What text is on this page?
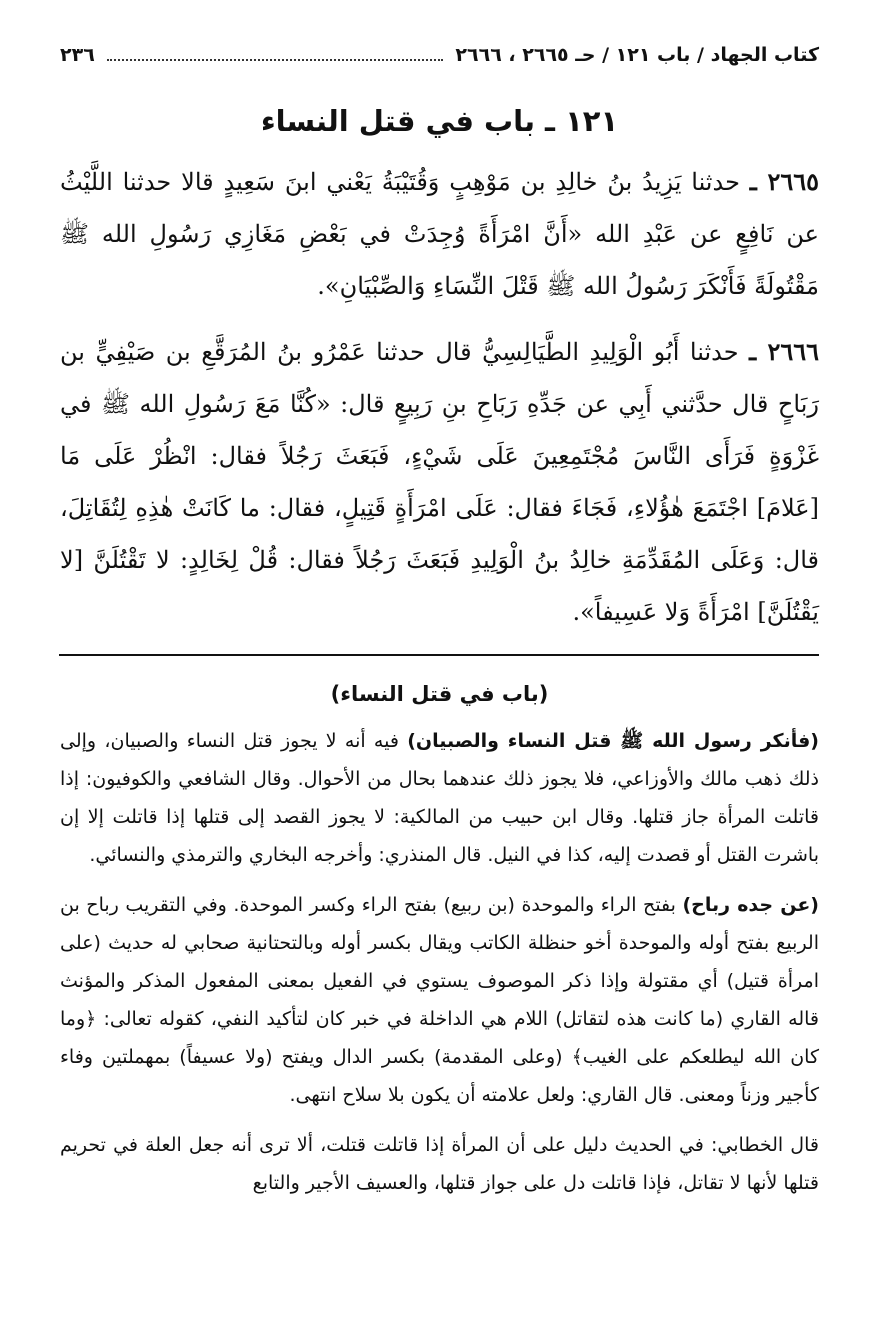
كتاب الجهاد / باب ١٢١ / حـ ٢٦٦٥ ، ٢٦٦٦
٢٣٦
١٢١ ـ باب في قتل النساء

٢٦٦٥ ـ حدثنا يَزِيدُ بنُ خالِدِ بن مَوْهِبٍ وَقُتَيْبَةُ يَعْني ابنَ سَعِيدٍ قالا حدثنا اللَّيْثُ عن نَافِعٍ عن عَبْدِ الله «أَنَّ امْرَأَةً وُجِدَتْ في بَعْضِ مَغَازِي رَسُولِ الله ﷺ مَقْتُولَةً فَأَنْكَرَ رَسُولُ الله ﷺ قَتْلَ النِّسَاءِ وَالصِّبْيَانِ».

٢٦٦٦ ـ حدثنا أَبُو الْوَلِيدِ الطَّيَالِسِيُّ قال حدثنا عَمْرُو بنُ المُرَقَّعِ بن صَيْفِيٍّ بن رَبَاحٍ قال حدَّثني أَبِي عن جَدِّهِ رَبَاحِ بنِ رَبِيعٍ قال: «كُنَّا مَعَ رَسُولِ الله ﷺ في غَزْوَةٍ فَرَأَى النَّاسَ مُجْتَمِعِينَ عَلَى شَيْءٍ، فَبَعَثَ رَجُلاً فقال: انْظُرْ عَلَى مَا [عَلامَ] اجْتَمَعَ هٰؤُلاءِ، فَجَاءَ فقال: عَلَى امْرَأَةٍ قَتِيلٍ، فقال: ما كَانَتْ هٰذِهِ لِتُقَاتِلَ، قال: وَعَلَى المُقَدِّمَةِ خالِدُ بنُ الْوَلِيدِ فَبَعَثَ رَجُلاً فقال: قُلْ لِخَالِدٍ: لا تَقْتُلَنَّ [لا يَقْتُلَنَّ] امْرَأَةً وَلا عَسِيفاً».

(باب في قتل النساء)

(فأنكر رسول الله ﷺ قتل النساء والصبيان) فيه أنه لا يجوز قتل النساء والصبيان، وإلى ذلك ذهب مالك والأوزاعي، فلا يجوز ذلك عندهما بحال من الأحوال. وقال الشافعي والكوفيون: إذا قاتلت المرأة جاز قتلها. وقال ابن حبيب من المالكية: لا يجوز القصد إلى قتلها إذا قاتلت إلا إن باشرت القتل أو قصدت إليه، كذا في النيل. قال المنذري: وأخرجه البخاري والترمذي والنسائي.

(عن جده رباح) بفتح الراء والموحدة (بن ربيع) بفتح الراء وكسر الموحدة. وفي التقريب رباح بن الربيع بفتح أوله والموحدة أخو حنظلة الكاتب ويقال بكسر أوله وبالتحتانية صحابي له حديث (على امرأة قتيل) أي مقتولة وإذا ذكر الموصوف يستوي في الفعيل بمعنى المفعول المذكر والمؤنث قاله القاري (ما كانت هذه لتقاتل) اللام هي الداخلة في خبر كان لتأكيد النفي، كقوله تعالى: ﴿وما كان الله ليطلعكم على الغيب﴾ (وعلى المقدمة) بكسر الدال ويفتح (ولا عسيفاً) بمهملتين وفاء كأجير وزناً ومعنى. قال القاري: ولعل علامته أن يكون بلا سلاح انتهى.

قال الخطابي: في الحديث دليل على أن المرأة إذا قاتلت قتلت، ألا ترى أنه جعل العلة في تحريم قتلها لأنها لا تقاتل، فإذا قاتلت دل على جواز قتلها، والعسيف الأجير والتابع
